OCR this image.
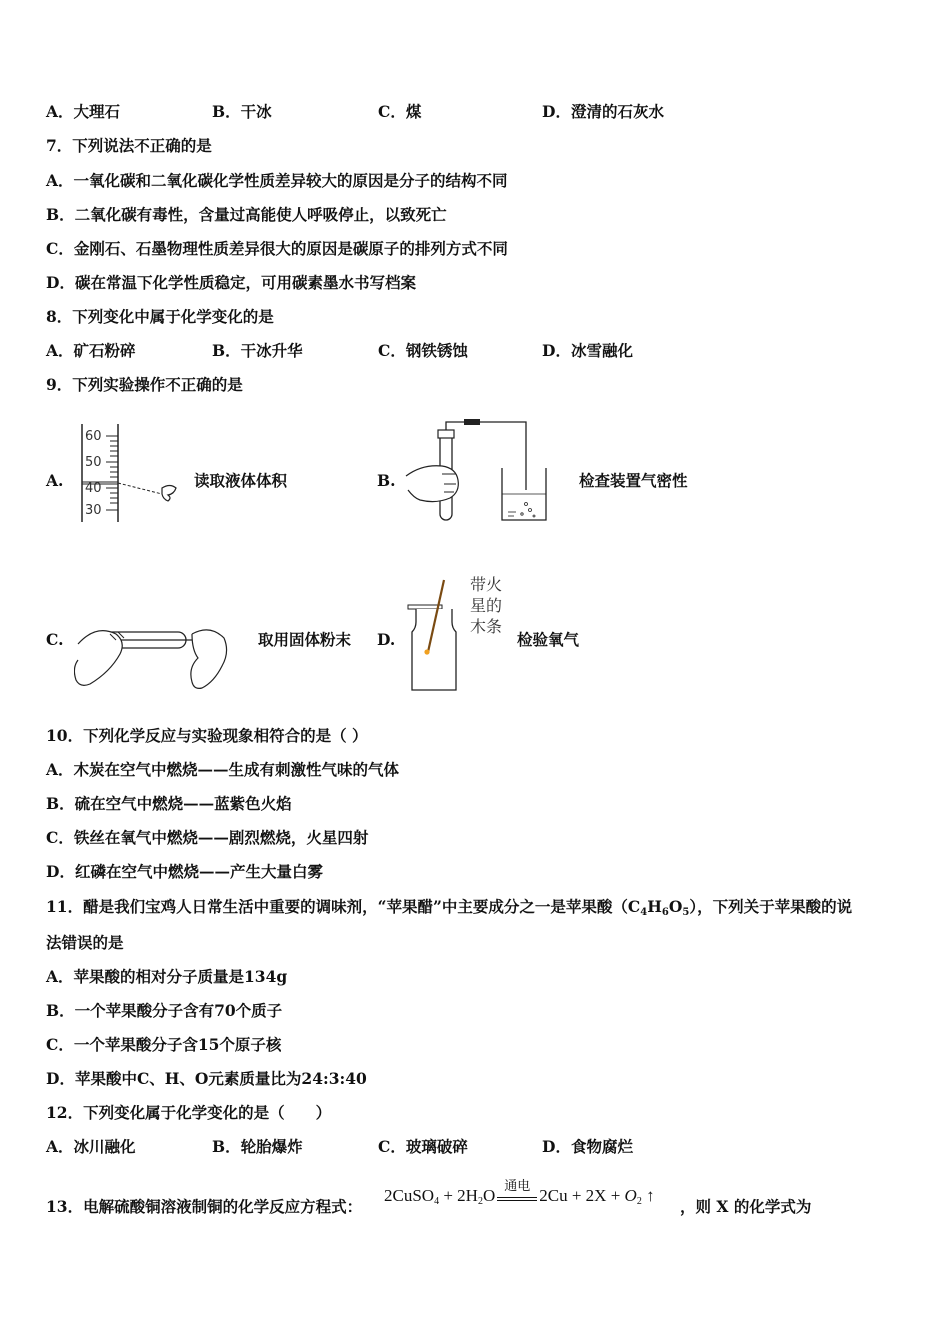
A．大理石	B．干冰	C．煤	D．澄清的石灰水
7．下列说法不正确的是
A．一氧化碳和二氧化碳化学性质差异较大的原因是分子的结构不同
B．二氧化碳有毒性，含量过高能使人呼吸停止，以致死亡
C．金刚石、石墨物理性质差异很大的原因是碳原子的排列方式不同
D．碳在常温下化学性质稳定，可用碳素墨水书写档案
8．下列变化中属于化学变化的是
A．矿石粉碎	B．干冰升华	C．钢铁锈蚀	D．冰雪融化
9．下列实验操作不正确的是
A.
60
50
40
30
读取液体体积	B.	检查装置气密性
C.	取用固体粉末 D.
带火
星的
木条
检验氧气
10．下列化学反应与实验现象相符合的是（ ）
A．木炭在空气中燃烧——生成有刺激性气味的气体
B．硫在空气中燃烧——蓝紫色火焰
C．铁丝在氧气中燃烧——剧烈燃烧，火星四射
D．红磷在空气中燃烧——产生大量白雾
11．醋是我们宝鸡人日常生活中重要的调味剂，“苹果醋”中主要成分之一是苹果酸$(C_4H_6O_5)$，下列关于苹果酸的说
法错误的是
A．苹果酸的相对分子质量是134g
B．一个苹果酸分子含有70个质子
C．一个苹果酸分子含15个原子核
D．苹果酸中C、H、O元素质量比为24:3:40
12．下列变化属于化学变化的是（　　）
A．冰川融化	B．轮胎爆炸	C．玻璃破碎	D．食物腐烂
13．电解硫酸铜溶液制铜的化学反应方程式：
2CuSO$_4$ + $2H_2O$ 通电 $2Cu + 2X + O_2$ ↑
，则 X 的化学式为
